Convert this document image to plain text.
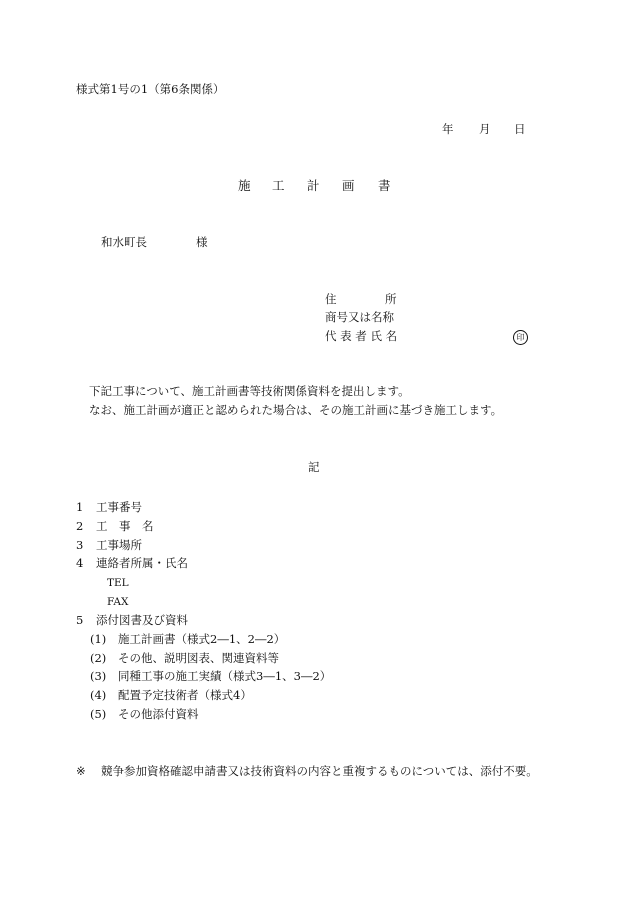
様式第1号の1（第6条関係）
年 月 日
施 工 計 画 書
和水町長	様
住	所
商号又は名称
代 表 者 氏 名	印
下記工事について、施工計画書等技術関係資料を提出します。
なお、施工計画が適正と認められた場合は、その施工計画に基づき施工します。
記
1 工事番号
2 工　事　名
3 工事場所
4 連絡者所属・氏名
TEL
FAX
5 添付図書及び資料
(1) 施工計画書（様式2―1、2―2）
(2) その他、説明図表、関連資料等
(3) 同種工事の施工実績（様式3―1、3―2）
(4) 配置予定技術者（様式4）
(5) その他添付資料
※ 競争参加資格確認申請書又は技術資料の内容と重複するものについては、添付不要。
